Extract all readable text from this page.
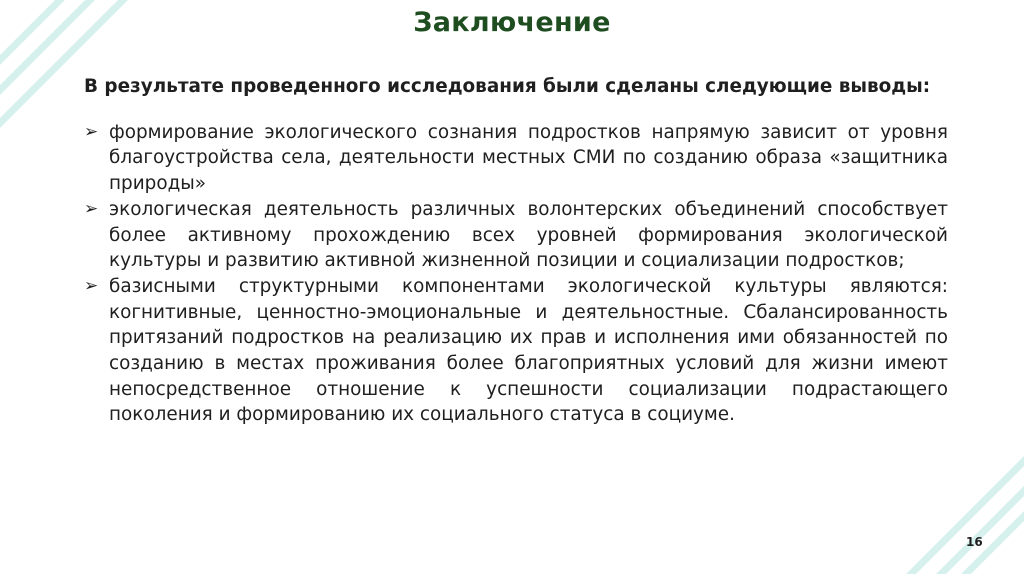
Заключение
В результате проведенного исследования были сделаны следующие выводы:
➢ формирование экологического сознания подростков напрямую зависит от уровня благоустройства села, деятельности местных СМИ по созданию образа «защитника природы»
➢ экологическая деятельность различных волонтерских объединений способствует более активному прохождению всех уровней формирования экологической культуры и развитию активной жизненной позиции и социализации подростков;
➢ базисными структурными компонентами экологической культуры являются: когнитивные, ценностно-эмоциональные и деятельностные. Сбалансированность притязаний подростков на реализацию их прав и исполнения ими обязанностей по созданию в местах проживания более благоприятных условий для жизни имеют непосредственное отношение к успешности социализации подрастающего поколения и формированию их социального статуса в социуме.
16
